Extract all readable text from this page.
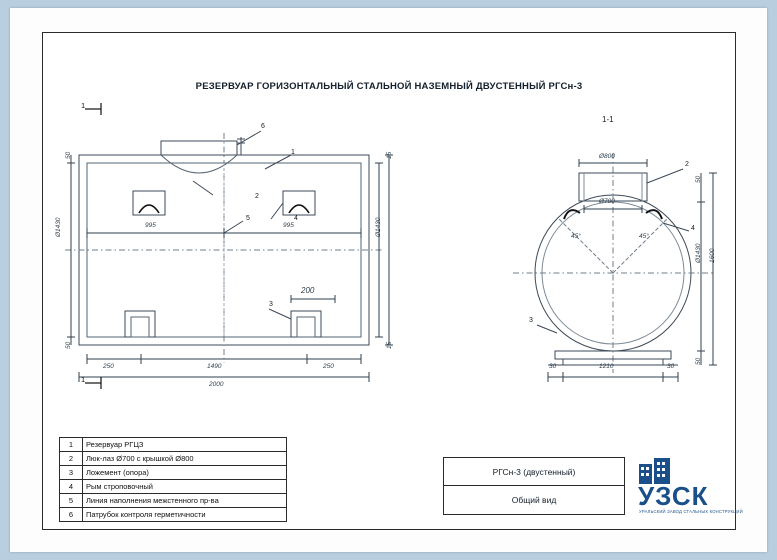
РЕЗЕРВУАР ГОРИЗОНТАЛЬНЫЙ СТАЛЬНОЙ НАЗЕМНЫЙ ДВУСТЕННЫЙ РГСн-3
1
1
995	995
Ø1430	Ø1430
250	1490	250
2000
200
50
50
15
15
1
2
3
4
5
6
1-1
Ø800
Ø700
Ø1430 1600
1210
30	30
50
50
45°	45°
2
3
4
1	Резервуар РГЦЗ
2	Люк-лаз Ø700 с крышкой Ø800
3	Ложемент (опора)
4	Рым строповочный
5	Линия наполнения межстенного пр-ва
6	Патрубок контроля герметичности
РГСн-3 (двустенный)
Общий вид	УЗСК
УРАЛЬСКИЙ ЗАВОД СТАЛЬНЫХ КОНСТРУКЦИЙ
